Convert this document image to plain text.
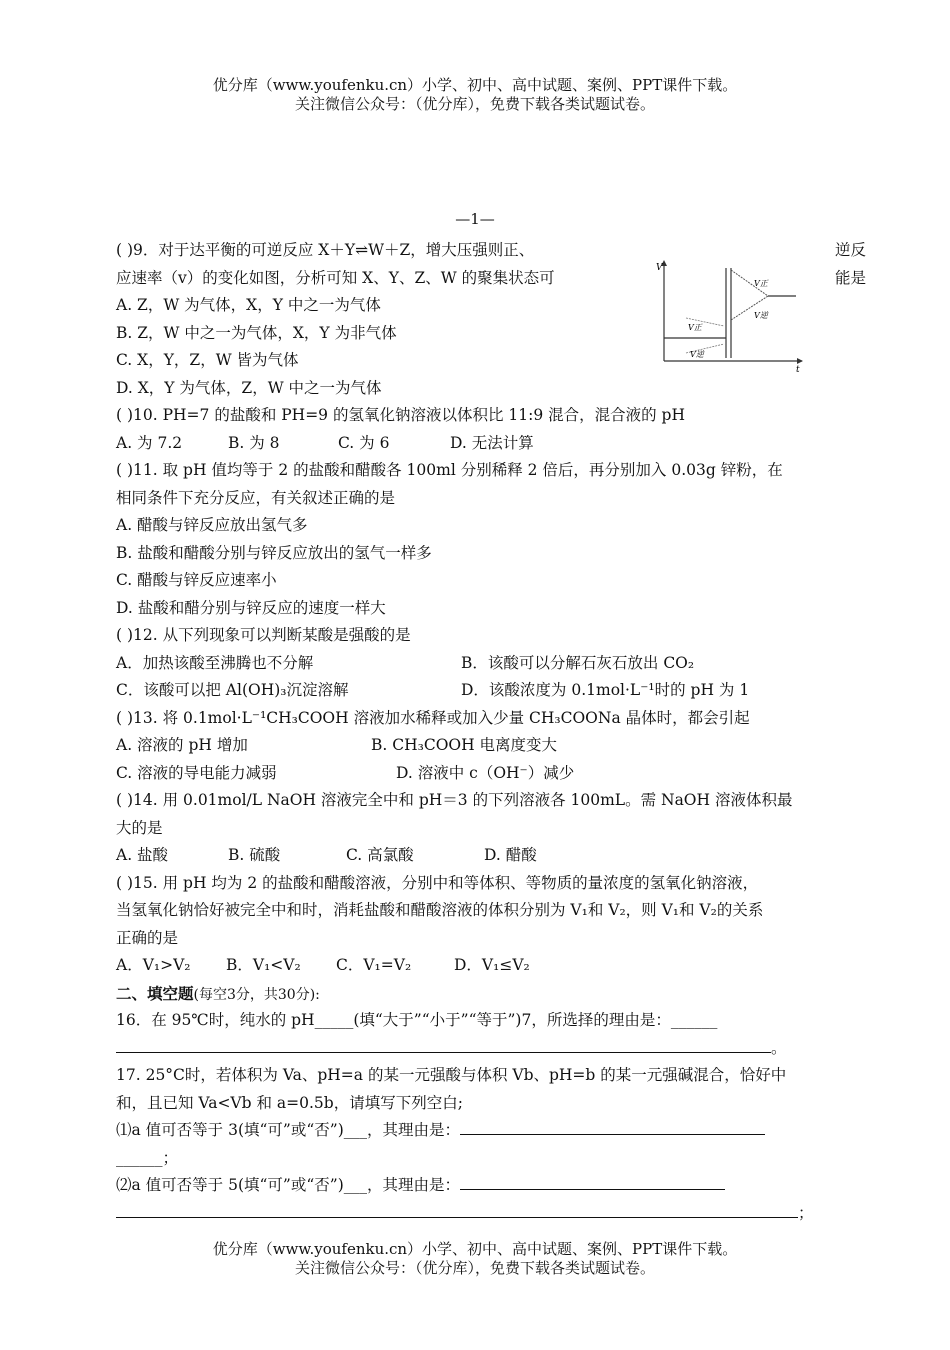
优分库（www.youfenku.cn）小学、初中、高中试题、案例、PPT课件下载。
关注微信公众号：（优分库），免费下载各类试题试卷。
—1—
V
t
V正
V逆
V正
V逆
( )9．对于达平衡的可逆反应 X＋Y⇌W＋Z，增大压强则正、	逆反
应速率（v）的变化如图，分析可知 X、Y、Z、W 的聚集状态可	能是
A. Z，W 为气体，X，Y 中之一为气体
B. Z，W 中之一为气体，X，Y 为非气体
C. X，Y，Z，W 皆为气体
D. X，Y 为气体，Z，W 中之一为气体
( )10. PH=7 的盐酸和 PH=9 的氢氧化钠溶液以体积比 11:9 混合，混合液的 pH
A. 为 7.2	B. 为 8	C. 为 6	D. 无法计算
( )11. 取 pH 值均等于 2 的盐酸和醋酸各 100ml 分别稀释 2 倍后，再分别加入 0.03g 锌粉，在
相同条件下充分反应，有关叙述正确的是
A. 醋酸与锌反应放出氢气多
B. 盐酸和醋酸分别与锌反应放出的氢气一样多
C. 醋酸与锌反应速率小
D. 盐酸和醋分别与锌反应的速度一样大
( )12. 从下列现象可以判断某酸是强酸的是
A．加热该酸至沸腾也不分解	B．该酸可以分解石灰石放出 CO₂
C．该酸可以把 Al(OH)₃沉淀溶解	D．该酸浓度为 0.1mol·L⁻¹时的 pH 为 1
( )13. 将 0.1mol·L⁻¹CH₃COOH 溶液加水稀释或加入少量 CH₃COONa 晶体时，都会引起
A. 溶液的 pH 增加	B. CH₃COOH 电离度变大
C. 溶液的导电能力减弱	D. 溶液中 c（OH⁻）减少
( )14. 用 0.01mol/L NaOH 溶液完全中和 pH＝3 的下列溶液各 100mL。需 NaOH 溶液体积最
大的是
A. 盐酸	B. 硫酸	C. 高氯酸	D. 醋酸
( )15. 用 pH 均为 2 的盐酸和醋酸溶液，分别中和等体积、等物质的量浓度的氢氧化钠溶液，
当氢氧化钠恰好被完全中和时，消耗盐酸和醋酸溶液的体积分别为 V₁和 V₂，则 V₁和 V₂的关系
正确的是
A．V₁>V₂	B．V₁<V₂	C．V₁=V₂	D．V₁≤V₂
二、填空题(每空3分，共30分):
16．在 95℃时，纯水的 pH_____(填“大于”“小于”“等于”)7，所选择的理由是：______
。
17. 25°C时，若体积为 Va、pH=a 的某一元强酸与体积 Vb、pH=b 的某一元强碱混合，恰好中
和，且已知 Va<Vb 和 a=0.5b，请填写下列空白;
⑴a 值可否等于 3(填“可”或“否”)___，其理由是：
______；
⑵a 值可否等于 5(填“可”或“否”)___，其理由是：
；
优分库（www.youfenku.cn）小学、初中、高中试题、案例、PPT课件下载。
关注微信公众号：（优分库），免费下载各类试题试卷。
